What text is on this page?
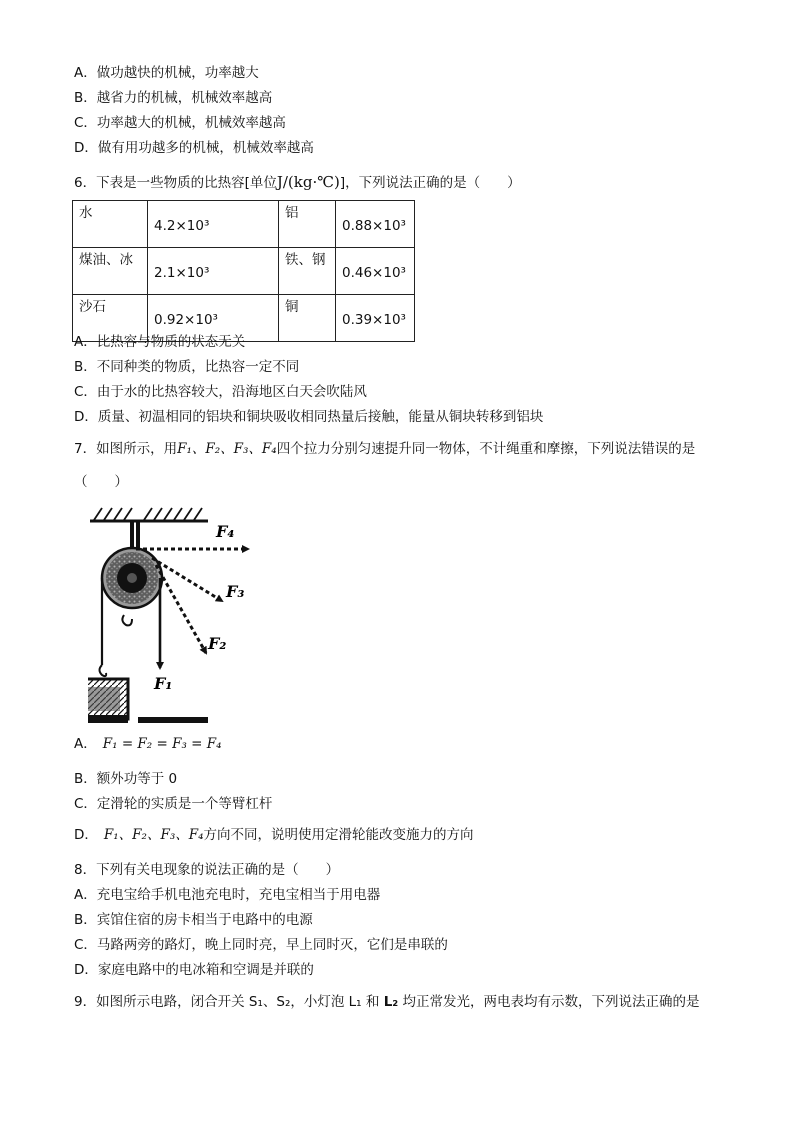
A．做功越快的机械，功率越大
B．越省力的机械，机械效率越高
C．功率越大的机械，机械效率越高
D．做有用功越多的机械，机械效率越高
6．下表是一些物质的比热容[单位J/(kg·℃)]，下列说法正确的是（　　）
水	4.2×10³	铝	0.88×10³
煤油、冰	2.1×10³	铁、钢	0.46×10³
沙石	0.92×10³	铜	0.39×10³
A．比热容与物质的状态无关
B．不同种类的物质，比热容一定不同
C．由于水的比热容较大，沿海地区白天会吹陆风
D．质量、初温相同的铝块和铜块吸收相同热量后接触，能量从铜块转移到铝块
7．如图所示，用F₁、F₂、F₃、F₄四个拉力分别匀速提升同一物体，不计绳重和摩擦，下列说法错误的是
（　　）
F₄
F₃
F₂
F₁
A． F₁ = F₂ = F₃ = F₄
B．额外功等于 0
C．定滑轮的实质是一个等臂杠杆
D． F₁、F₂、F₃、F₄方向不同，说明使用定滑轮能改变施力的方向
8．下列有关电现象的说法正确的是（　　）
A．充电宝给手机电池充电时，充电宝相当于用电器
B．宾馆住宿的房卡相当于电路中的电源
C．马路两旁的路灯，晚上同时亮，早上同时灭，它们是串联的
D．家庭电路中的电冰箱和空调是并联的
9．如图所示电路，闭合开关 S₁、S₂，小灯泡 L₁ 和 L₂ 均正常发光，两电表均有示数，下列说法正确的是
